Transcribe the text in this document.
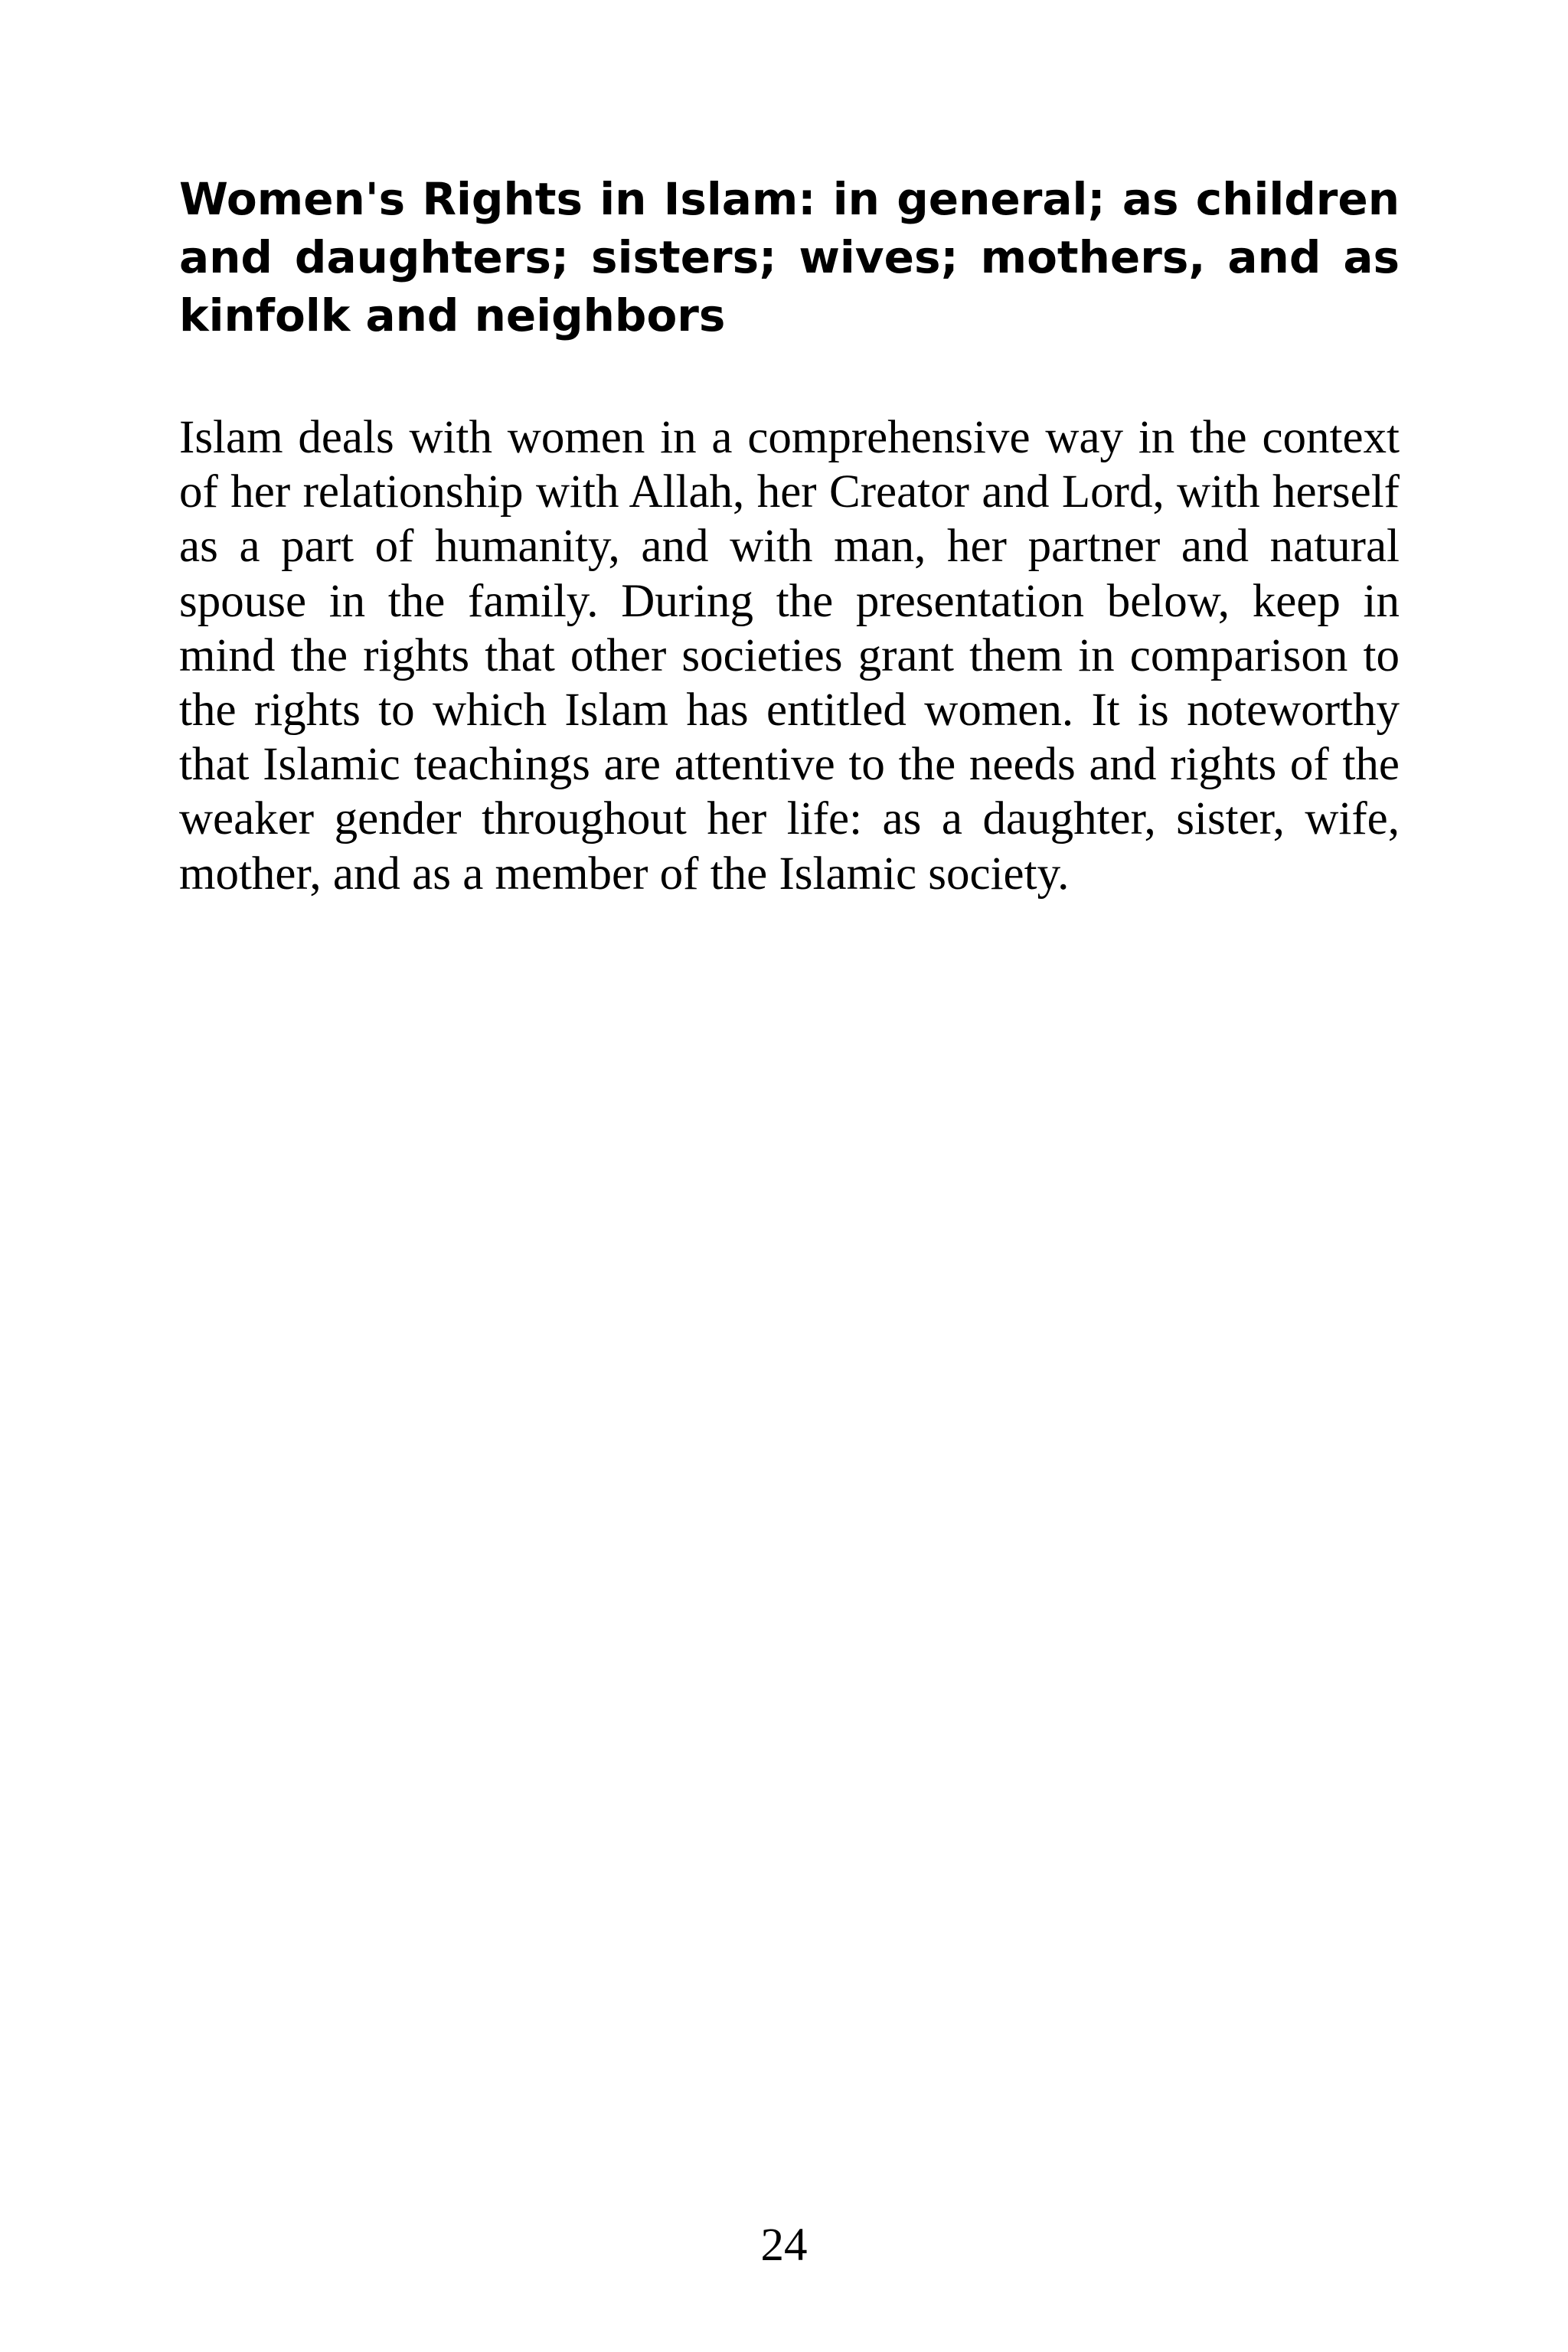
Women's Rights in Islam: in general; as children and daughters; sisters; wives; mothers, and as kinfolk and neighbors

Islam deals with women in a comprehensive way in the context of her relationship with Allah, her Creator and Lord, with herself as a part of humanity, and with man, her partner and natural spouse in the family. During the presentation below, keep in mind the rights that other societies grant them in comparison to the rights to which Islam has entitled women. It is noteworthy that Islamic teachings are attentive to the needs and rights of the weaker gender throughout her life: as a daughter, sister, wife, mother, and as a member of the Islamic society.

24
